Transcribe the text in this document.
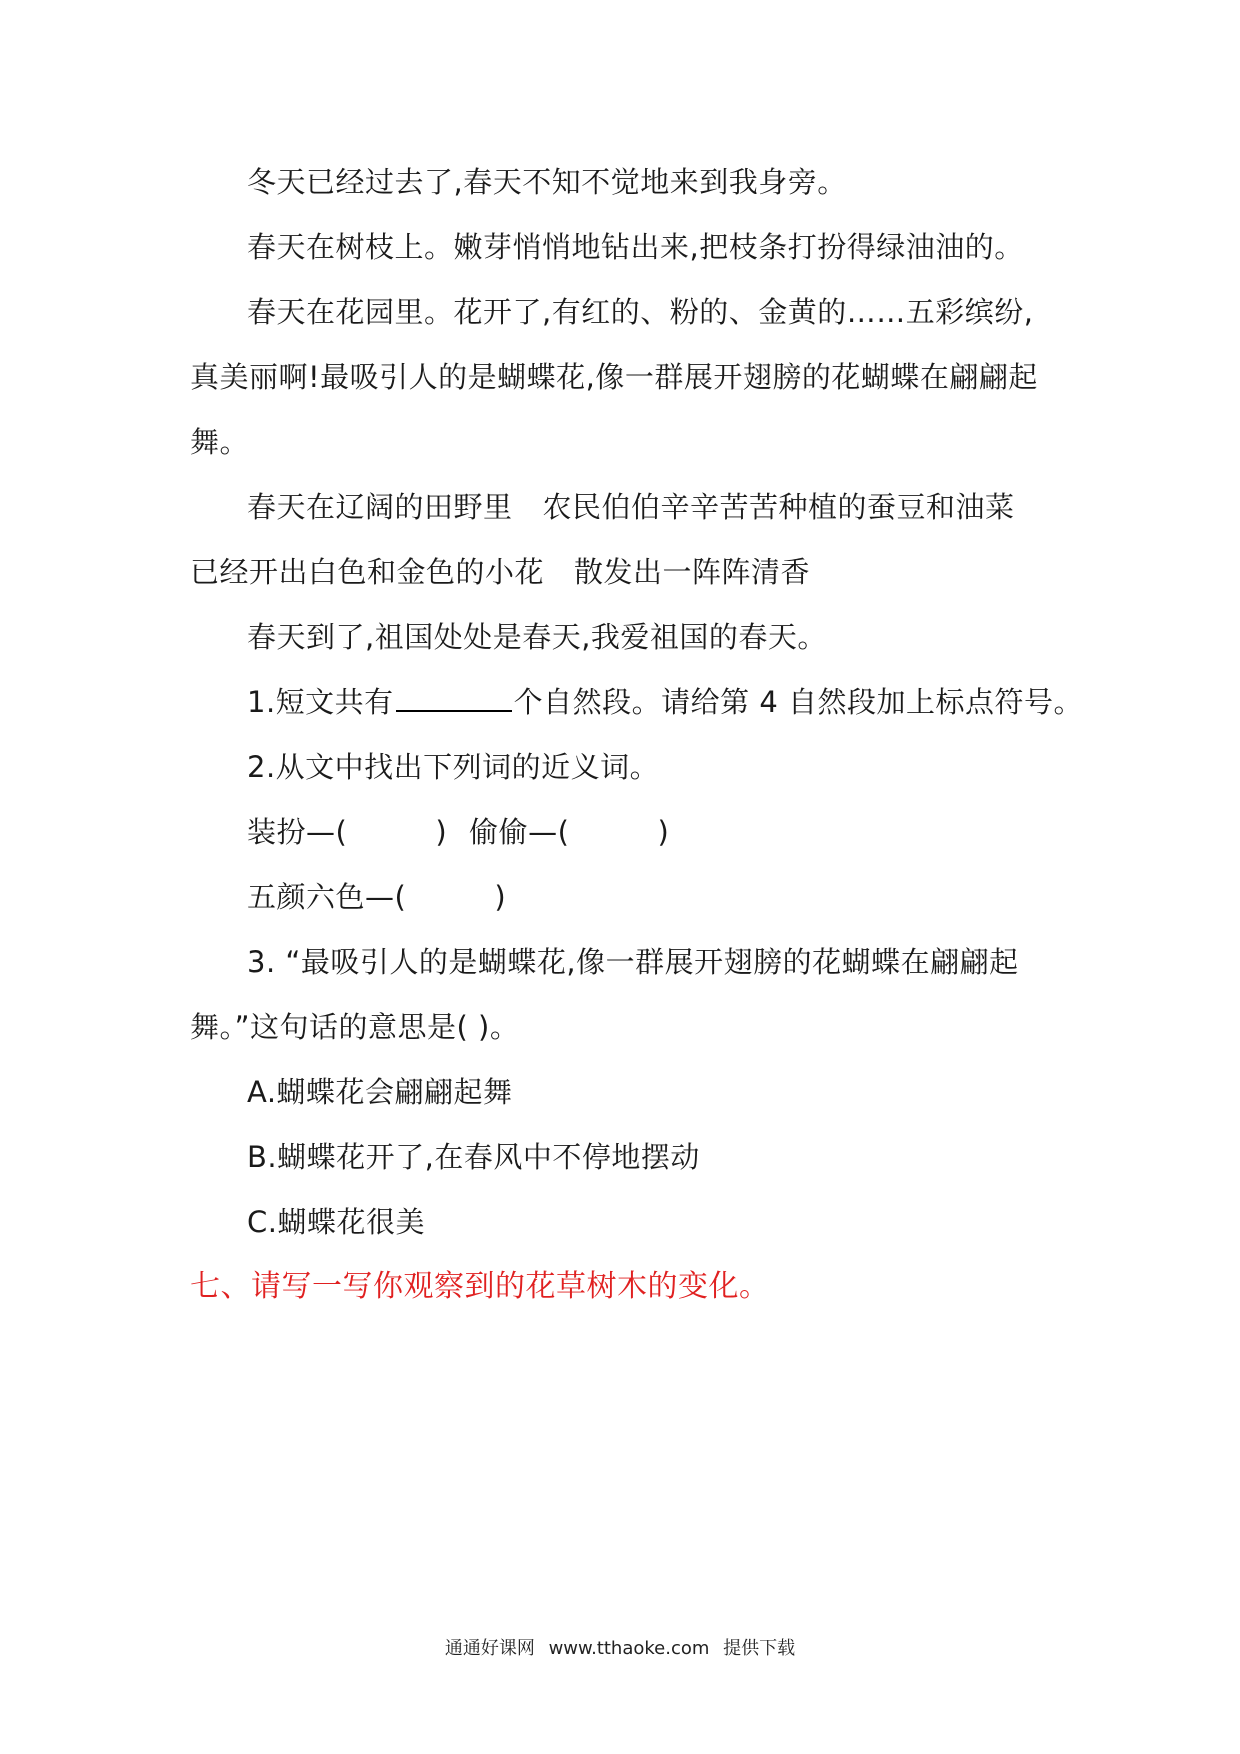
冬天已经过去了,春天不知不觉地来到我身旁。
春天在树枝上。嫩芽悄悄地钻出来,把枝条打扮得绿油油的。
春天在花园里。花开了,有红的、粉的、金黄的……五彩缤纷,
真美丽啊!最吸引人的是蝴蝶花,像一群展开翅膀的花蝴蝶在翩翩起
舞。
春天在辽阔的田野里 农民伯伯辛辛苦苦种植的蚕豆和油菜
已经开出白色和金色的小花 散发出一阵阵清香
春天到了,祖国处处是春天,我爱祖国的春天。
1.短文共有	个自然段。请给第 4 自然段加上标点符号。
2.从文中找出下列词的近义词。
装扮—(	) 偷偷—(	)
五颜六色—(	)
3. “最吸引人的是蝴蝶花,像一群展开翅膀的花蝴蝶在翩翩起
舞。”这句话的意思是( )。
A.蝴蝶花会翩翩起舞
B.蝴蝶花开了,在春风中不停地摆动
C.蝴蝶花很美
七、请写一写你观察到的花草树木的变化。
通通好课网 www.tthaoke.com 提供下载
